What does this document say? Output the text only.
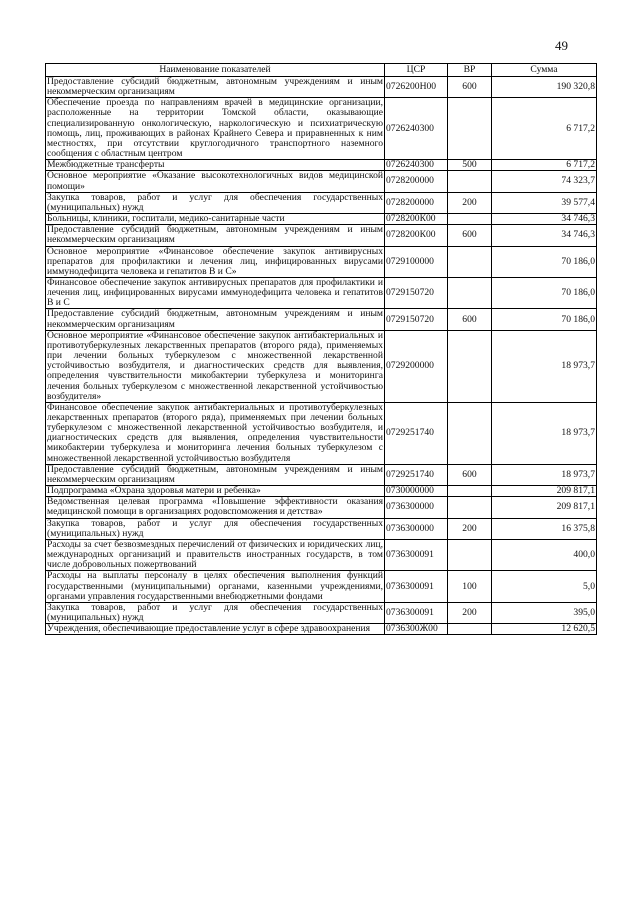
49
Наименование показателей	ЦСР	ВР	Сумма
Предоставление субсидий бюджетным, автономным учреждениям и иным некоммерческим организациям	0726200Н00	600	190 320,8
Обеспечение проезда по направлениям врачей в медицинские организации, расположенные на территории Томской области, оказывающие специализированную онкологическую, наркологическую и психиатрическую помощь, лиц, проживающих в районах Крайнего Севера и приравненных к ним местностях, при отсутствии круглогодичного транспортного наземного сообщения с областным центром	0726240300		6 717,2
Межбюджетные трансферты	0726240300	500	6 717,2
Основное мероприятие «Оказание высокотехнологичных видов медицинской помощи»	0728200000		74 323,7
Закупка товаров, работ и услуг для обеспечения государственных (муниципальных) нужд	0728200000	200	39 577,4
Больницы, клиники, госпитали, медико-санитарные части	0728200К00		34 746,3
Предоставление субсидий бюджетным, автономным учреждениям и иным некоммерческим организациям	0728200К00	600	34 746,3
Основное мероприятие «Финансовое обеспечение закупок антивирусных препаратов для профилактики и лечения лиц, инфицированных вирусами иммунодефицита человека и гепатитов В и С»	0729100000		70 186,0
Финансовое обеспечение закупок антивирусных препаратов для профилактики и лечения лиц, инфицированных вирусами иммунодефицита человека и гепатитов В и С	0729150720		70 186,0
Предоставление субсидий бюджетным, автономным учреждениям и иным некоммерческим организациям	0729150720	600	70 186,0
Основное мероприятие «Финансовое обеспечение закупок антибактериальных и противотуберкулезных лекарственных препаратов (второго ряда), применяемых при лечении больных туберкулезом с множественной лекарственной устойчивостью возбудителя, и диагностических средств для выявления, определения чувствительности микобактерии туберкулеза и мониторинга лечения больных туберкулезом с множественной лекарственной устойчивостью возбудителя»	0729200000		18 973,7
Финансовое обеспечение закупок антибактериальных и противотуберкулезных лекарственных препаратов (второго ряда), применяемых при лечении больных туберкулезом с множественной лекарственной устойчивостью возбудителя, и диагностических средств для выявления, определения чувствительности микобактерии туберкулеза и мониторинга лечения больных туберкулезом с множественной лекарственной устойчивостью возбудителя	0729251740		18 973,7
Предоставление субсидий бюджетным, автономным учреждениям и иным некоммерческим организациям	0729251740	600	18 973,7
Подпрограмма «Охрана здоровья матери и ребенка»	0730000000		209 817,1
Ведомственная целевая программа «Повышение эффективности оказания медицинской помощи в организациях родовспоможения и детства»	0736300000		209 817,1
Закупка товаров, работ и услуг для обеспечения государственных (муниципальных) нужд	0736300000	200	16 375,8
Расходы за счет безвозмездных перечислений от физических и юридических лиц, международных организаций и правительств иностранных государств, в том числе добровольных пожертвований	0736300091		400,0
Расходы на выплаты персоналу в целях обеспечения выполнения функций государственными (муниципальными) органами, казенными учреждениями, органами управления государственными внебюджетными фондами	0736300091	100	5,0
Закупка товаров, работ и услуг для обеспечения государственных (муниципальных) нужд	0736300091	200	395,0
Учреждения, обеспечивающие предоставление услуг в сфере здравоохранения	0736300Ж00		12 620,5
